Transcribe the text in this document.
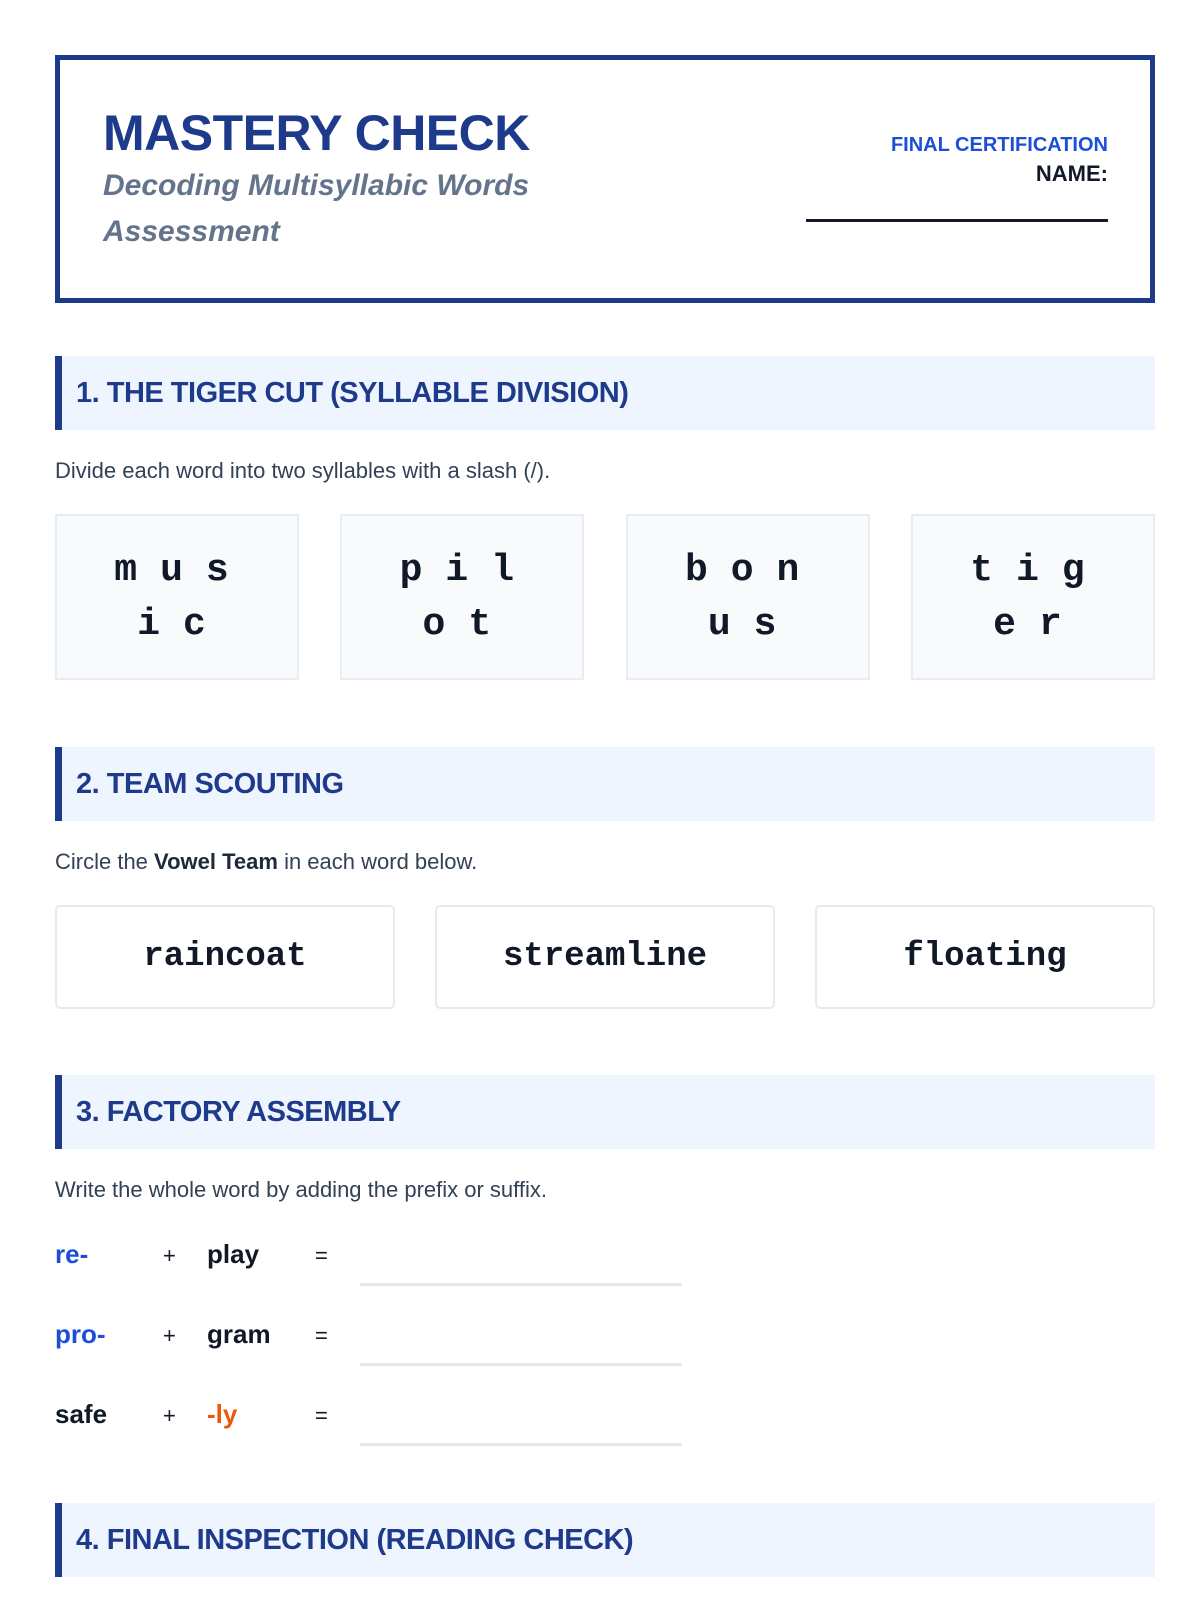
MASTERY CHECK

Decoding Multisyllabic Words Assessment

FINAL CERTIFICATION
NAME:
1. THE TIGER CUT (SYLLABLE DIVISION)

Divide each word into two syllables with a slash (/).

music
pilot
bonus
tiger
2. TEAM SCOUTING

Circle the Vowel Team in each word below.

raincoat	streamline	floating
3. FACTORY ASSEMBLY

Write the whole word by adding the prefix or suffix.

re-	+ play	=
pro-	+ gram =
safe	+ -ly	=
4. FINAL INSPECTION (READING CHECK)
